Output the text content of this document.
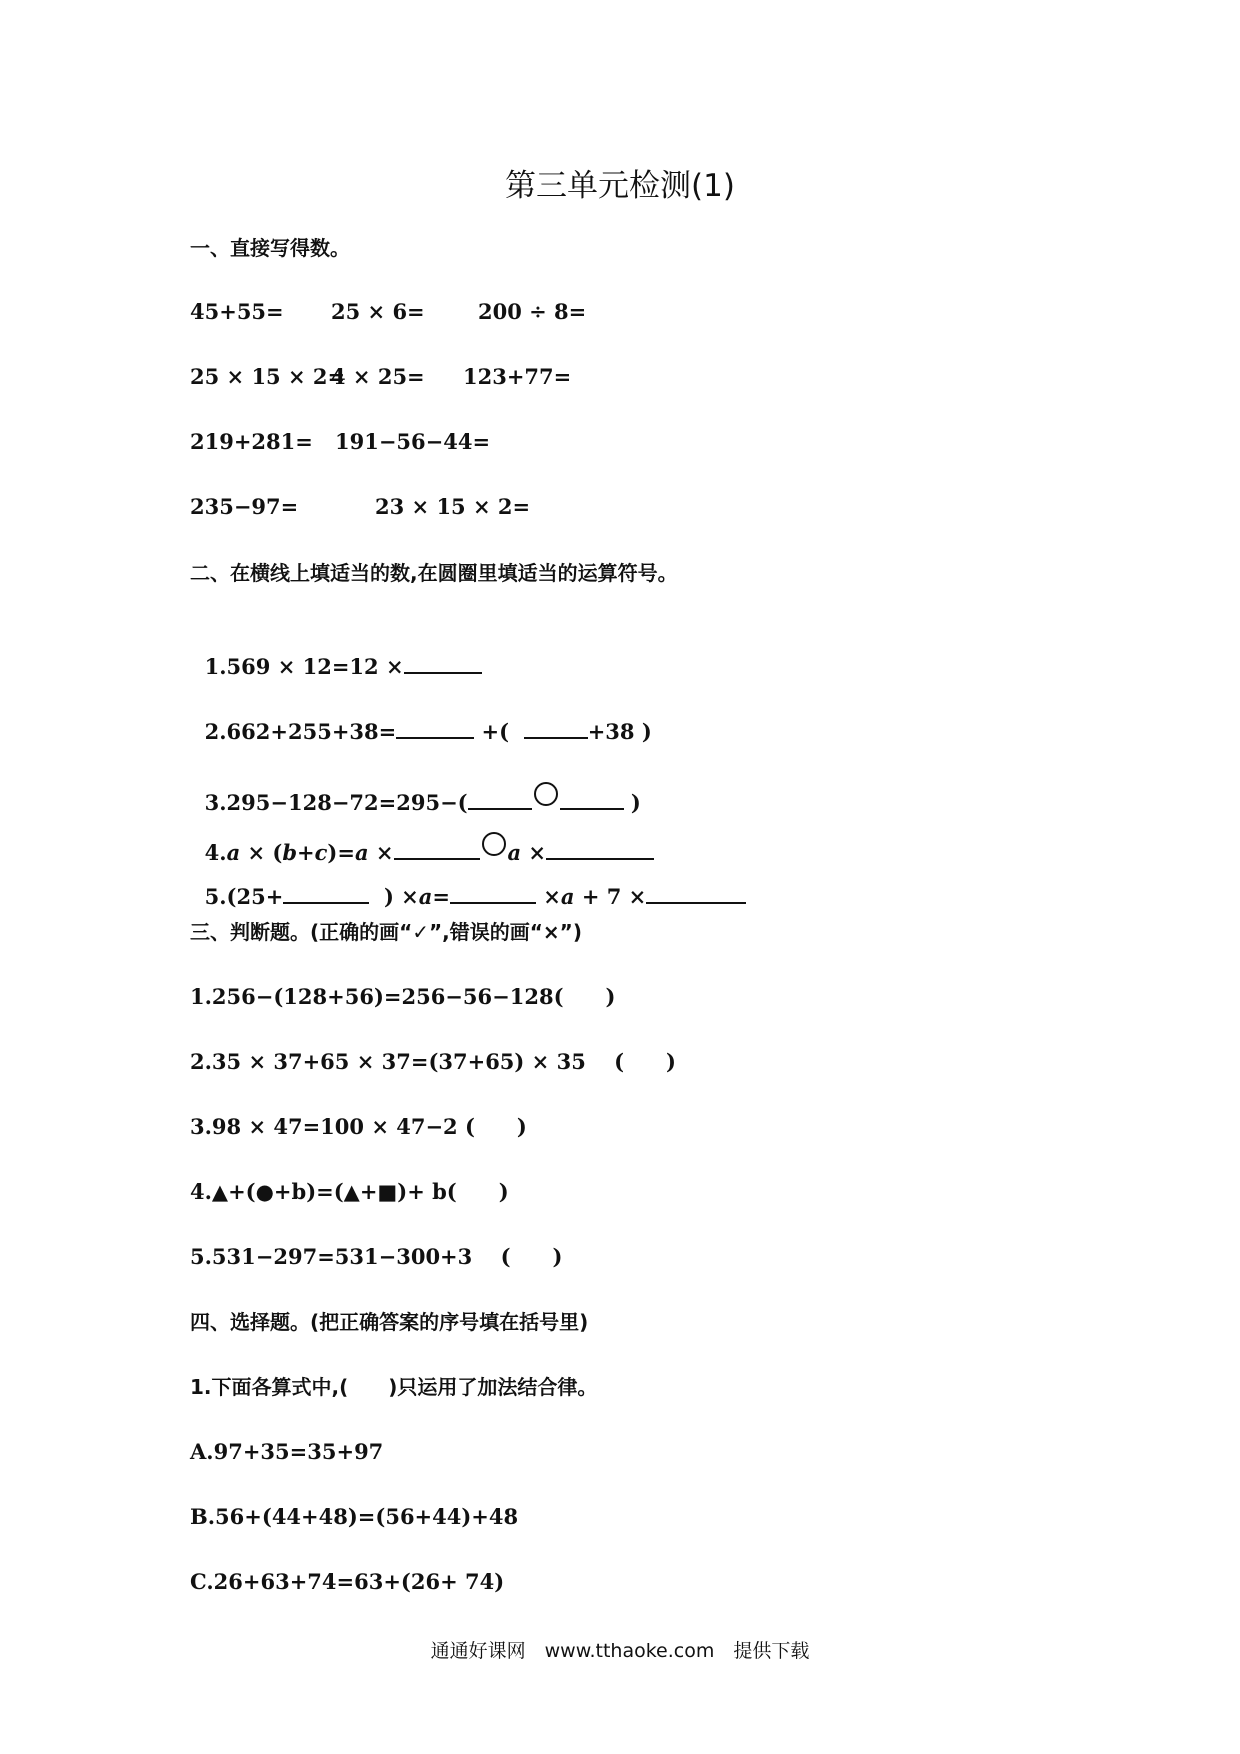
第三单元检测(1)
一、直接写得数。

45+55=

25 × 6=

	200 ÷ 8=

25 × 15 × 2=

4 × 25=

123+77=

219+281=

191−56−44=

235−97=

	23 × 15 × 2=

二、在横线上填适当的数,在圆圈里填适当的运算符号。

1.569 × 12=12 ×

2.662+255+38=	+(	+38 )

3.295−128−72=295−(	)

4.a × (b+c)=a ×	a ×

5.(25+	) ×a=	×a + 7 ×

三、判断题。(正确的画“✓”,错误的画“×”)
1.256−(128+56)=256−56−128(　　)
2.35 × 37+65 × 37=(37+65) × 35　 (　　)
3.98 × 47=100 × 47−2 (　　)
4.▲+(●+b)=(▲+■)+ b(　　)
5.531−297=531−300+3　 (　　)
四、选择题。(把正确答案的序号填在括号里)
1.下面各算式中,(　　)只运用了加法结合律。
A.97+35=35+97
B.56+(44+48)=(56+44)+48
C.26+63+74=63+(26+ 74)
通通好课网　www.tthaoke.com　提供下载
